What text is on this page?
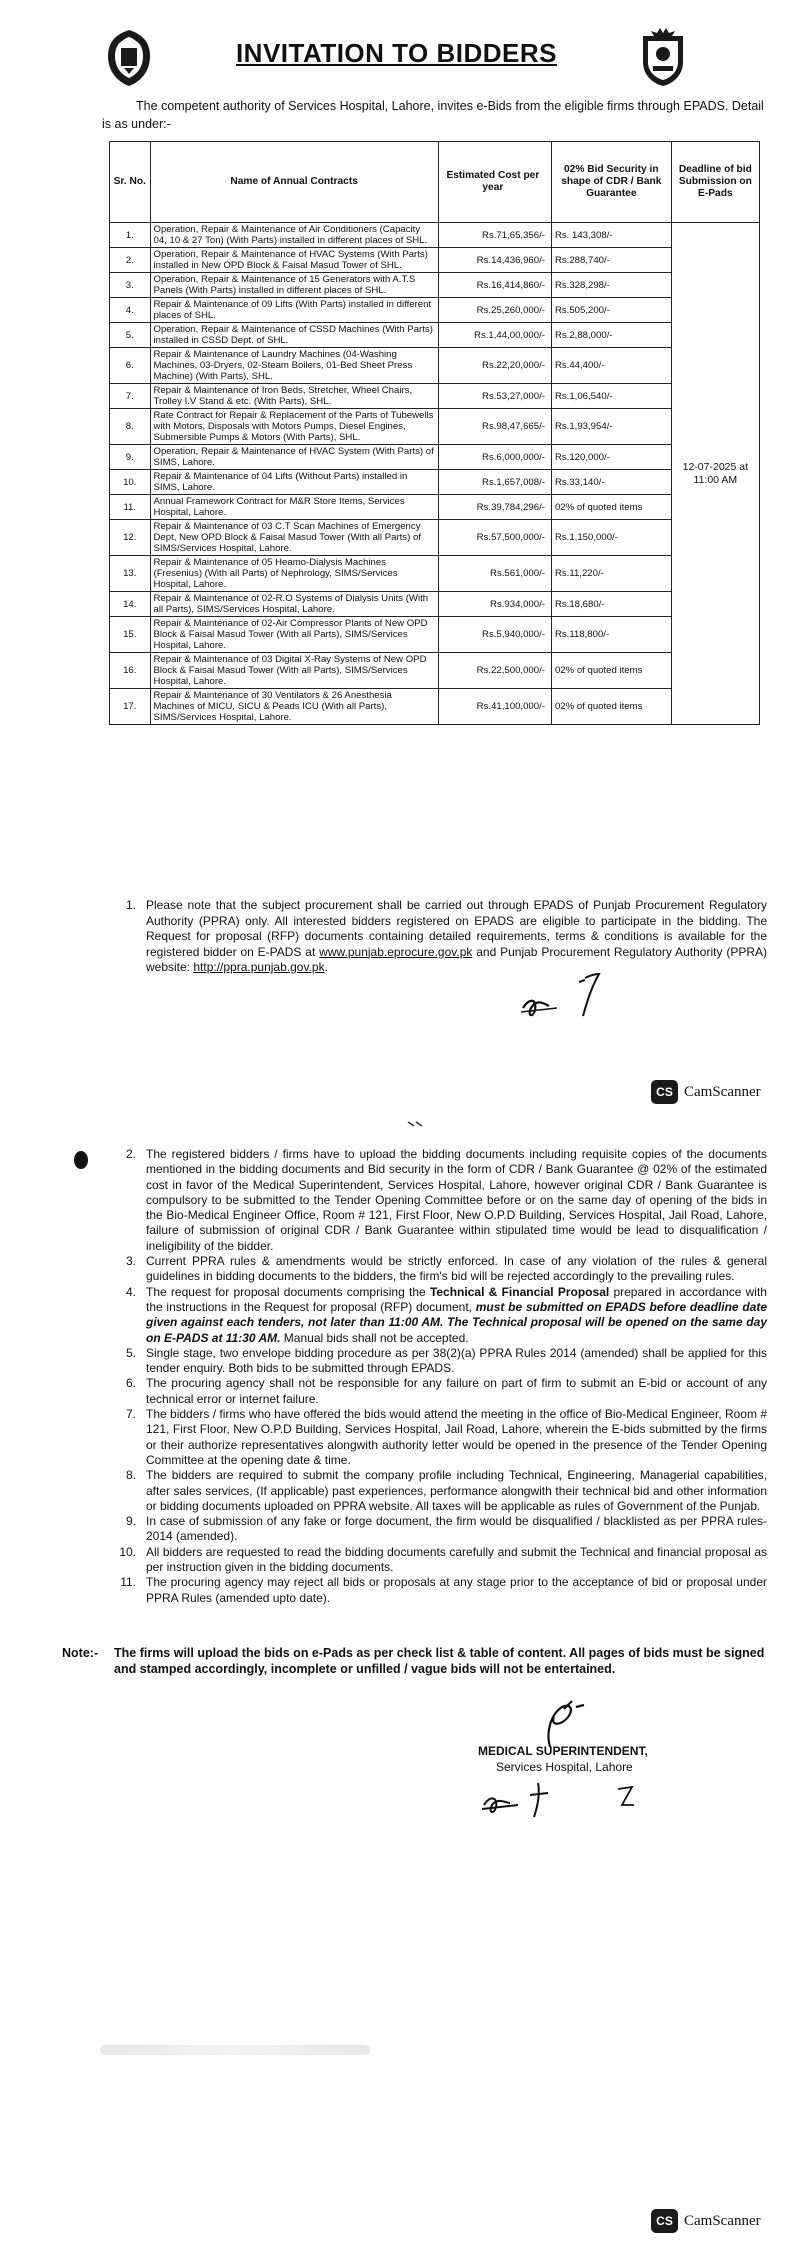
INVITATION TO BIDDERS
The competent authority of Services Hospital, Lahore, invites e-Bids from the eligible firms through EPADS. Detail is as under:-
Sr. No.	Name of Annual Contracts	Estimated Cost per year	02% Bid Security in shape of CDR / Bank Guarantee	Deadline of bid Submission on E-Pads
1.	Operation, Repair & Maintenance of Air Conditioners (Capacity 04, 10 & 27 Ton) (With Parts) installed in different places of SHL.	Rs.71,65,356/-	Rs. 143,308/-	12-07-2025 at 11:00 AM
2.	Operation, Repair & Maintenance of HVAC Systems (With Parts) installed in New OPD Block & Faisal Masud Tower of SHL.	Rs.14,436,960/-	Rs.288,740/-	
3.	Operation, Repair & Maintenance of 15 Generators with A.T.S Panels (With Parts) installed in different places of SHL.	Rs.16,414,860/-	Rs.328,298/-	
4.	Repair & Maintenance of 09 Lifts (With Parts) installed in different places of SHL.	Rs.25,260,000/-	Rs.505,200/-	
5.	Operation, Repair & Maintenance of CSSD Machines (With Parts) installed in CSSD Dept. of SHL.	Rs.1,44,00,000/-	Rs.2,88,000/-	
6.	Repair & Maintenance of Laundry Machines (04-Washing Machines, 03-Dryers, 02-Steam Boilers, 01-Bed Sheet Press Machine) (With Parts), SHL.	Rs.22,20,000/-	Rs.44,400/-	
7.	Repair & Maintenance of Iron Beds, Stretcher, Wheel Chairs, Trolley I.V Stand & etc. (With Parts), SHL.	Rs.53,27,000/-	Rs.1,06,540/-	
8.	Rate Contract for Repair & Replacement of the Parts of Tubewells with Motors, Disposals with Motors Pumps, Diesel Engines, Submersible Pumps & Motors (With Parts), SHL.	Rs.98,47,665/-	Rs.1,93,954/-	
9.	Operation, Repair & Maintenance of HVAC System (With Parts) of SIMS, Lahore.	Rs.6,000,000/-	Rs.120,000/-	
10.	Repair & Maintenance of 04 Lifts (Without Parts) installed in SIMS, Lahore.	Rs.1,657,008/-	Rs.33,140/-	
11.	Annual Framework Contract for M&R Store Items, Services Hospital, Lahore.	Rs.39,784,296/-	02% of quoted items	
12.	Repair & Maintenance of 03 C.T Scan Machines of Emergency Dept, New OPD Block & Faisal Masud Tower (With all Parts) of SIMS/Services Hospital, Lahore.	Rs.57,500,000/-	Rs.1,150,000/-	
13.	Repair & Maintenance of 05 Heamo-Dialysis Machines (Fresenius) (With all Parts) of Nephrology, SIMS/Services Hospital, Lahore.	Rs.561,000/-	Rs.11,220/-	
14.	Repair & Maintenance of 02-R.O Systems of Dialysis Units (With all Parts), SIMS/Services Hospital, Lahore.	Rs.934,000/-	Rs.18,680/-	
15.	Repair & Maintenance of 02-Air Compressor Plants of New OPD Block & Faisal Masud Tower (With all Parts), SIMS/Services Hospital, Lahore.	Rs.5,940,000/-	Rs.118,800/-	
16.	Repair & Maintenance of 03 Digital X-Ray Systems of New OPD Block & Faisal Masud Tower (With all Parts), SIMS/Services Hospital, Lahore.	Rs.22,500,000/-	02% of quoted items	
17.	Repair & Maintenance of 30 Ventilators & 26 Anesthesia Machines of MICU, SICU & Peads ICU (With all Parts), SIMS/Services Hospital, Lahore.	Rs.41,100,000/-	02% of quoted items	
1. Please note that the subject procurement shall be carried out through EPADS of Punjab Procurement Regulatory Authority (PPRA) only. All interested bidders registered on EPADS are eligible to participate in the bidding. The Request for proposal (RFP) documents containing detailed requirements, terms & conditions is available for the registered bidder on E-PADS at www.punjab.eprocure.gov.pk and Punjab Procurement Regulatory Authority (PPRA) website: http://ppra.punjab.gov.pk.
CS CamScanner
2. The registered bidders / firms have to upload the bidding documents including requisite copies of the documents mentioned in the bidding documents and Bid security in the form of CDR / Bank Guarantee @ 02% of the estimated cost in favor of the Medical Superintendent, Services Hospital, Lahore, however original CDR / Bank Guarantee is compulsory to be submitted to the Tender Opening Committee before or on the same day of opening of the bids in the Bio-Medical Engineer Office, Room # 121, First Floor, New O.P.D Building, Services Hospital, Jail Road, Lahore, failure of submission of original CDR / Bank Guarantee within stipulated time would be lead to disqualification / ineligibility of the bidder.
3. Current PPRA rules & amendments would be strictly enforced. In case of any violation of the rules & general guidelines in bidding documents to the bidders, the firm's bid will be rejected accordingly to the prevailing rules.
4. The request for proposal documents comprising the Technical & Financial Proposal prepared in accordance with the instructions in the Request for proposal (RFP) document, must be submitted on EPADS before deadline date given against each tenders, not later than 11:00 AM. The Technical proposal will be opened on the same day on E-PADS at 11:30 AM. Manual bids shall not be accepted.
5. Single stage, two envelope bidding procedure as per 38(2)(a) PPRA Rules 2014 (amended) shall be applied for this tender enquiry. Both bids to be submitted through EPADS.
6. The procuring agency shall not be responsible for any failure on part of firm to submit an E-bid or account of any technical error or internet failure.
7. The bidders / firms who have offered the bids would attend the meeting in the office of Bio-Medical Engineer, Room # 121, First Floor, New O.P.D Building, Services Hospital, Jail Road, Lahore, wherein the E-bids submitted by the firms or their authorize representatives alongwith authority letter would be opened in the presence of the Tender Opening Committee at the opening date & time.
8. The bidders are required to submit the company profile including Technical, Engineering, Managerial capabilities, after sales services, (If applicable) past experiences, performance alongwith their technical bid and other information or bidding documents uploaded on PPRA website. All taxes will be applicable as rules of Government of the Punjab.
9. In case of submission of any fake or forge document, the firm would be disqualified / blacklisted as per PPRA rules-2014 (amended).
10. All bidders are requested to read the bidding documents carefully and submit the Technical and financial proposal as per instruction given in the bidding documents.
11. The procuring agency may reject all bids or proposals at any stage prior to the acceptance of bid or proposal under PPRA Rules (amended upto date).
Note:-	The firms will upload the bids on e-Pads as per check list & table of content. All pages of bids must be signed and stamped accordingly, incomplete or unfilled / vague bids will not be entertained.
MEDICAL SUPERINTENDENT,
Services Hospital, Lahore
CS CamScanner
